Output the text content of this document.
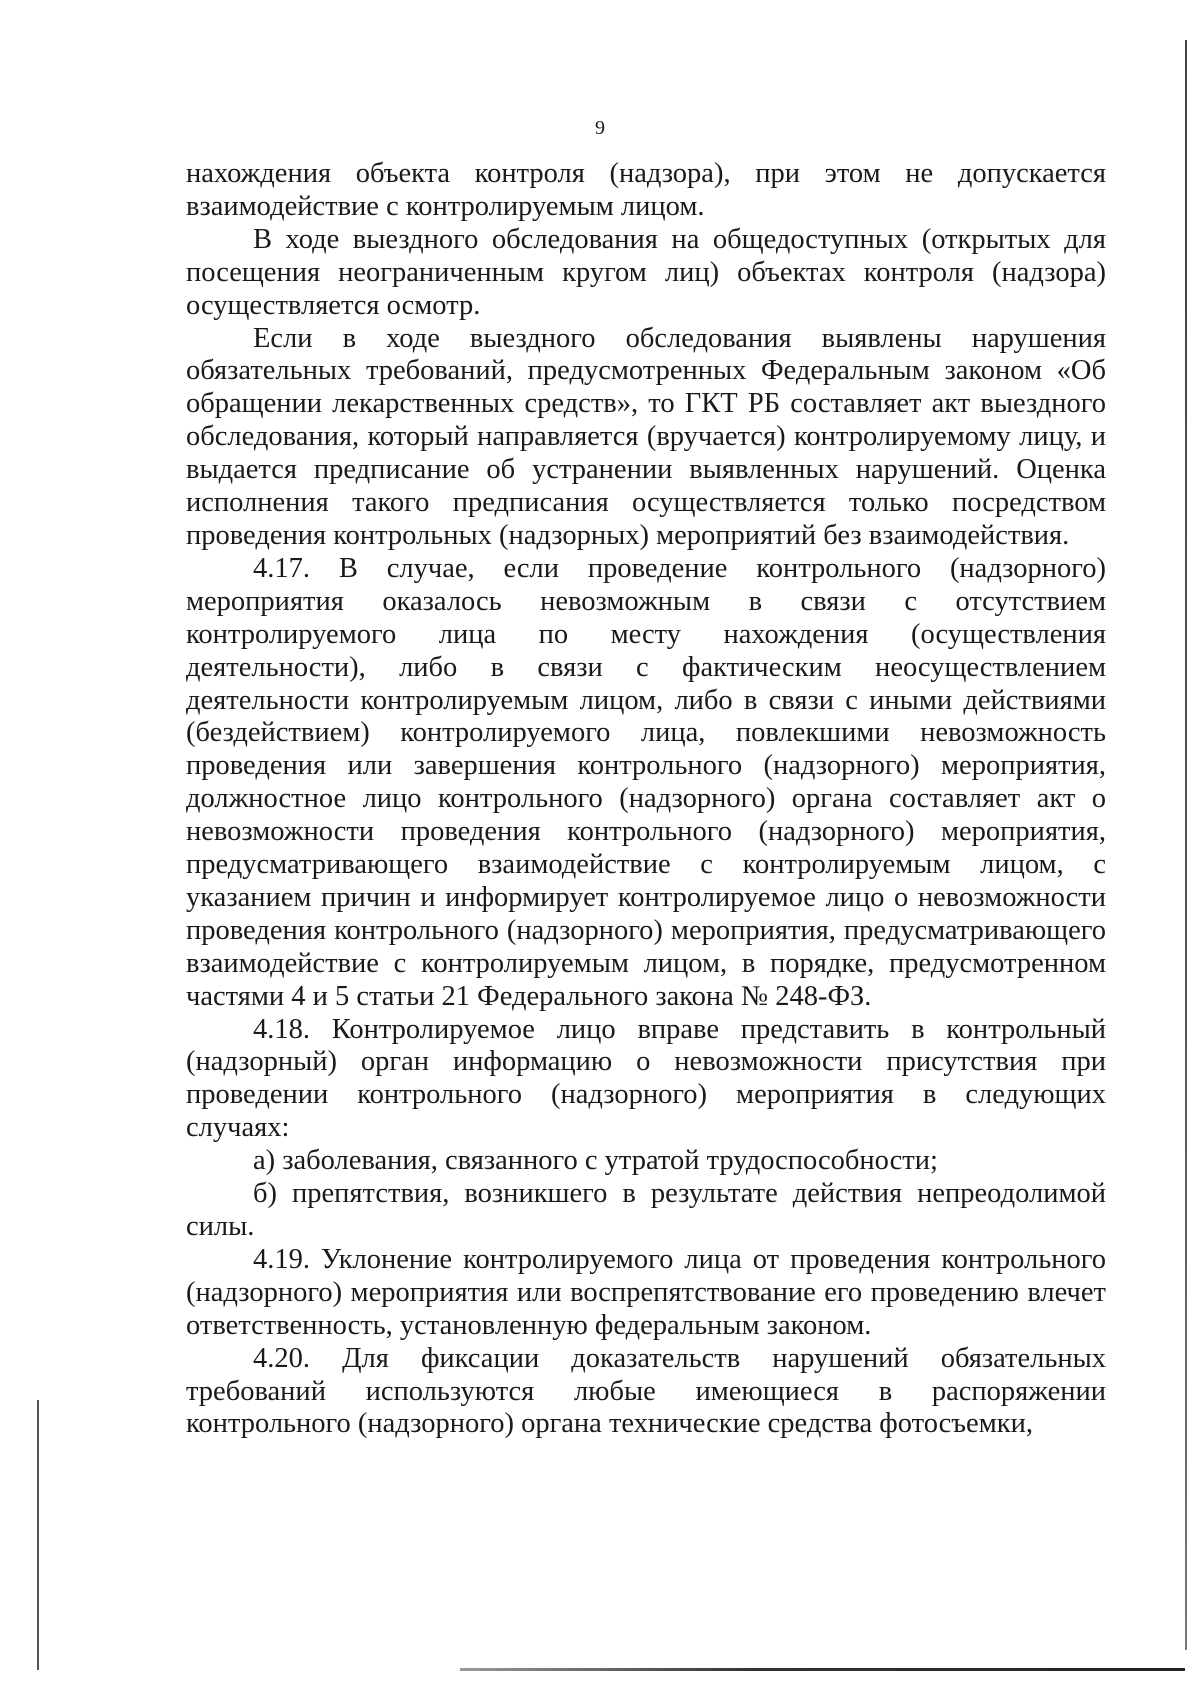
9

нахождения объекта контроля (надзора), при этом не допускается взаимодействие с контролируемым лицом.

В ходе выездного обследования на общедоступных (открытых для посещения неограниченным кругом лиц) объектах контроля (надзора) осуществляется осмотр.

Если в ходе выездного обследования выявлены нарушения обязательных требований, предусмотренных Федеральным законом «Об обращении лекарственных средств», то ГКТ РБ составляет акт выездного обследования, который направляется (вручается) контролируемому лицу, и выдается предписание об устранении выявленных нарушений. Оценка исполнения такого предписания осуществляется только посредством проведения контрольных (надзорных) мероприятий без взаимодействия.

4.17. В случае, если проведение контрольного (надзорного) мероприятия оказалось невозможным в связи с отсутствием контролируемого лица по месту нахождения (осуществления деятельности), либо в связи с фактическим неосуществлением деятельности контролируемым лицом, либо в связи с иными действиями (бездействием) контролируемого лица, повлекшими невозможность проведения или завершения контрольного (надзорного) мероприятия, должностное лицо контрольного (надзорного) органа составляет акт о невозможности проведения контрольного (надзорного) мероприятия, предусматривающего взаимодействие с контролируемым лицом, с указанием причин и информирует контролируемое лицо о невозможности проведения контрольного (надзорного) мероприятия, предусматривающего взаимодействие с контролируемым лицом, в порядке, предусмотренном частями 4 и 5 статьи 21 Федерального закона № 248-ФЗ.

4.18. Контролируемое лицо вправе представить в контрольный (надзорный) орган информацию о невозможности присутствия при проведении контрольного (надзорного) мероприятия в следующих случаях:

а) заболевания, связанного с утратой трудоспособности;

б) препятствия, возникшего в результате действия непреодолимой силы.

4.19. Уклонение контролируемого лица от проведения контрольного (надзорного) мероприятия или воспрепятствование его проведению влечет ответственность, установленную федеральным законом.

4.20. Для фиксации доказательств нарушений обязательных требований используются любые имеющиеся в распоряжении контрольного (надзорного) органа технические средства фотосъемки,
